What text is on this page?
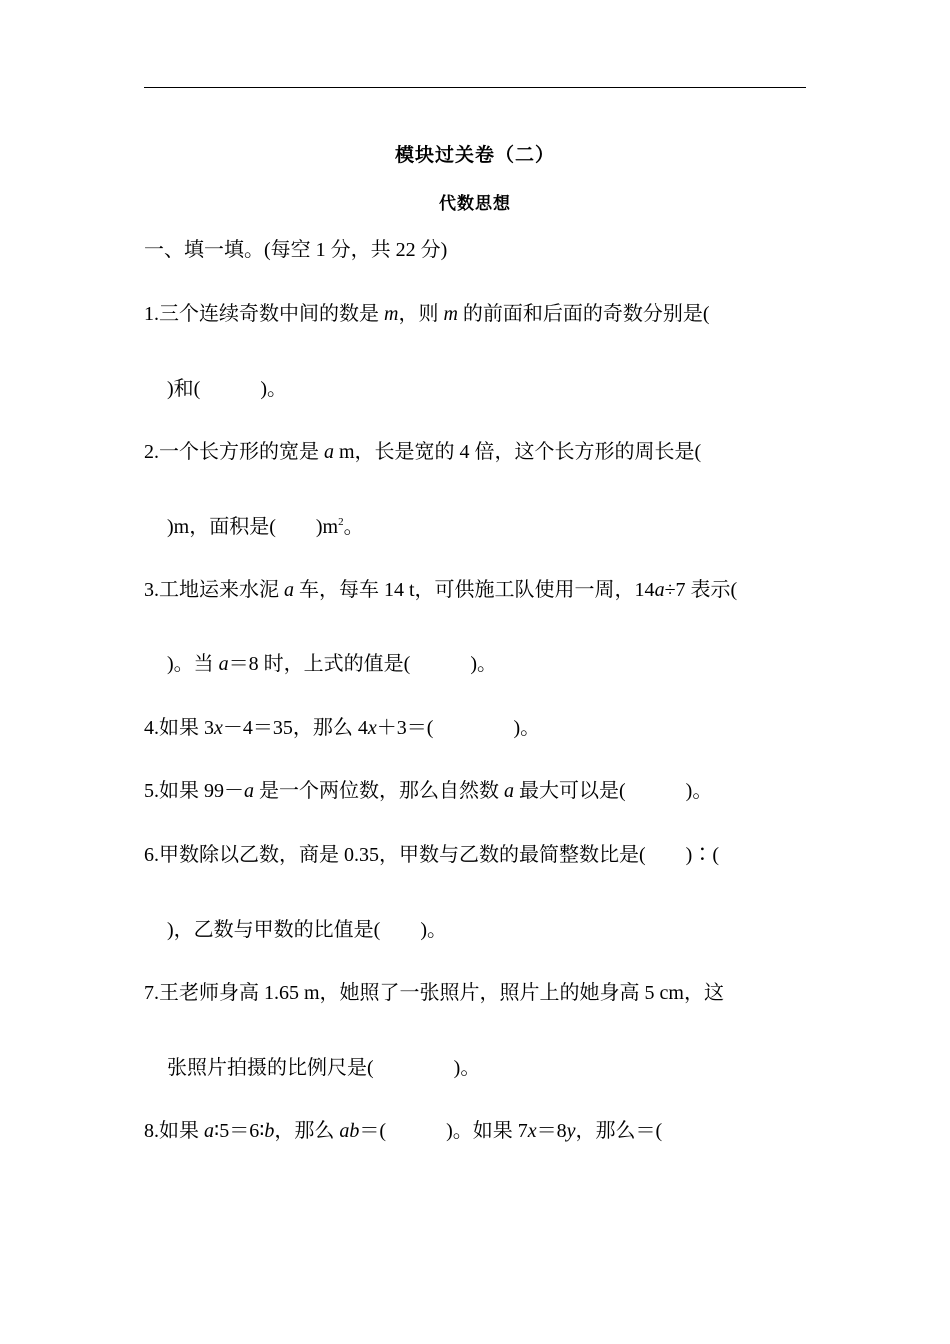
模块过关卷（二）
代数思想
一、填一填。(每空 1 分，共 22 分)
1.三个连续奇数中间的数是 m，则 m 的前面和后面的奇数分别是(
)和(            )。
2.一个长方形的宽是 a m，长是宽的 4 倍，这个长方形的周长是(
)m，面积是(        )$m^2$。
3.工地运来水泥 a 车，每车 14 t，可供施工队使用一周，14a÷7 表示(
)。当 a＝8 时，上式的值是(            )。
4.如果 3x－4＝35，那么 4x＋3＝(                )。
5.如果 99－a 是一个两位数，那么自然数 a 最大可以是(            )。
6.甲数除以乙数，商是 0.35，甲数与乙数的最简整数比是(        )∶(
)，乙数与甲数的比值是(        )。
7.王老师身高 1.65 m，她照了一张照片，照片上的她身高 5 cm，这
张照片拍摄的比例尺是(                )。
8.如果 a∶5＝6∶b，那么 ab＝(            )。如果 7x＝8y，那么＝(
